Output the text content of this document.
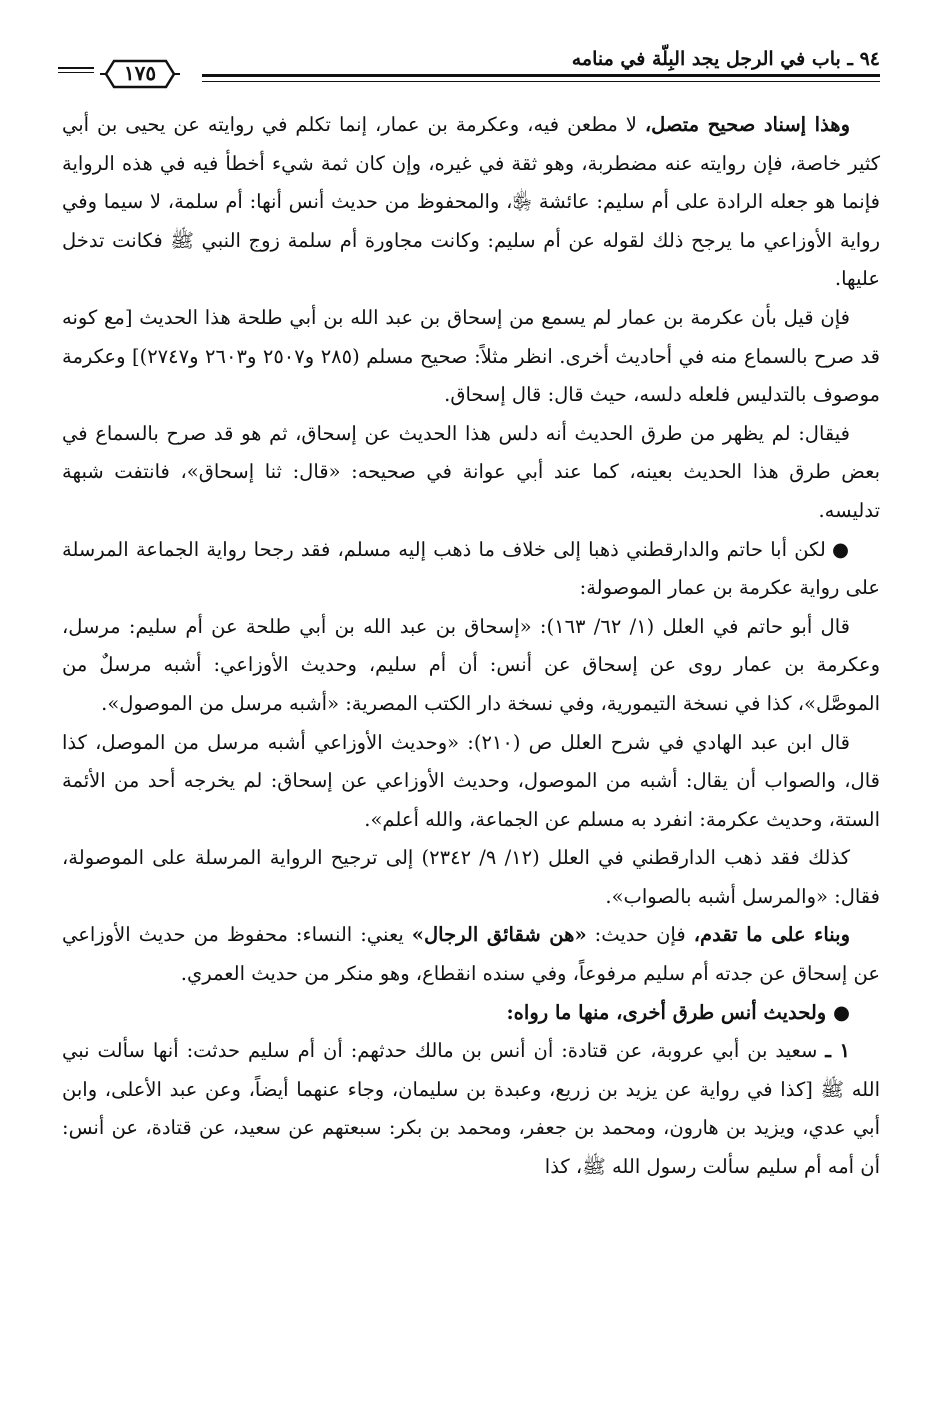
٩٤ ـ باب في الرجل يجد البِلّة في منامه
١٧٥

وهذا إسناد صحيح متصل، لا مطعن فيه، وعكرمة بن عمار، إنما تكلم في روايته عن يحيى بن أبي كثير خاصة، فإن روايته عنه مضطربة، وهو ثقة في غيره، وإن كان ثمة شيء أخطأ فيه في هذه الرواية فإنما هو جعله الرادة على أم سليم: عائشة ﵂، والمحفوظ من حديث أنس أنها: أم سلمة، لا سيما وفي رواية الأوزاعي ما يرجح ذلك لقوله عن أم سليم: وكانت مجاورة أم سلمة زوج النبي ﷺ فكانت تدخل عليها.

فإن قيل بأن عكرمة بن عمار لم يسمع من إسحاق بن عبد الله بن أبي طلحة هذا الحديث [مع كونه قد صرح بالسماع منه في أحاديث أخرى. انظر مثلاً: صحيح مسلم (٢٨٥ و٢٥٠٧ و٢٦٠٣ و٢٧٤٧)] وعكرمة موصوف بالتدليس فلعله دلسه، حيث قال: قال إسحاق.

فيقال: لم يظهر من طرق الحديث أنه دلس هذا الحديث عن إسحاق، ثم هو قد صرح بالسماع في بعض طرق هذا الحديث بعينه، كما عند أبي عوانة في صحيحه: «قال: ثنا إسحاق»، فانتفت شبهة تدليسه.

● لكن أبا حاتم والدارقطني ذهبا إلى خلاف ما ذهب إليه مسلم، فقد رجحا رواية الجماعة المرسلة على رواية عكرمة بن عمار الموصولة:

قال أبو حاتم في العلل (١/ ٦٢/ ١٦٣): «إسحاق بن عبد الله بن أبي طلحة عن أم سليم: مرسل، وعكرمة بن عمار روى عن إسحاق عن أنس: أن أم سليم، وحديث الأوزاعي: أشبه مرسلٌ من الموصَّل»، كذا في نسخة التيمورية، وفي نسخة دار الكتب المصرية: «أشبه مرسل من الموصول».

قال ابن عبد الهادي في شرح العلل ص (٢١٠): «وحديث الأوزاعي أشبه مرسل من الموصل، كذا قال، والصواب أن يقال: أشبه من الموصول، وحديث الأوزاعي عن إسحاق: لم يخرجه أحد من الأئمة الستة، وحديث عكرمة: انفرد به مسلم عن الجماعة، والله أعلم».

كذلك فقد ذهب الدارقطني في العلل (١٢/ ٩/ ٢٣٤٢) إلى ترجيح الرواية المرسلة على الموصولة، فقال: «والمرسل أشبه بالصواب».

وبناء على ما تقدم، فإن حديث: «هن شقائق الرجال» يعني: النساء: محفوظ من حديث الأوزاعي عن إسحاق عن جدته أم سليم مرفوعاً، وفي سنده انقطاع، وهو منكر من حديث العمري.

● ولحديث أنس طرق أخرى، منها ما رواه:

١ ـ سعيد بن أبي عروبة، عن قتادة: أن أنس بن مالك حدثهم: أن أم سليم حدثت: أنها سألت نبي الله ﷺ [كذا في رواية عن يزيد بن زريع، وعبدة بن سليمان، وجاء عنهما أيضاً، وعن عبد الأعلى، وابن أبي عدي، ويزيد بن هارون، ومحمد بن جعفر، ومحمد بن بكر: سبعتهم عن سعيد، عن قتادة، عن أنس: أن أمه أم سليم سألت رسول الله ﷺ، كذا
